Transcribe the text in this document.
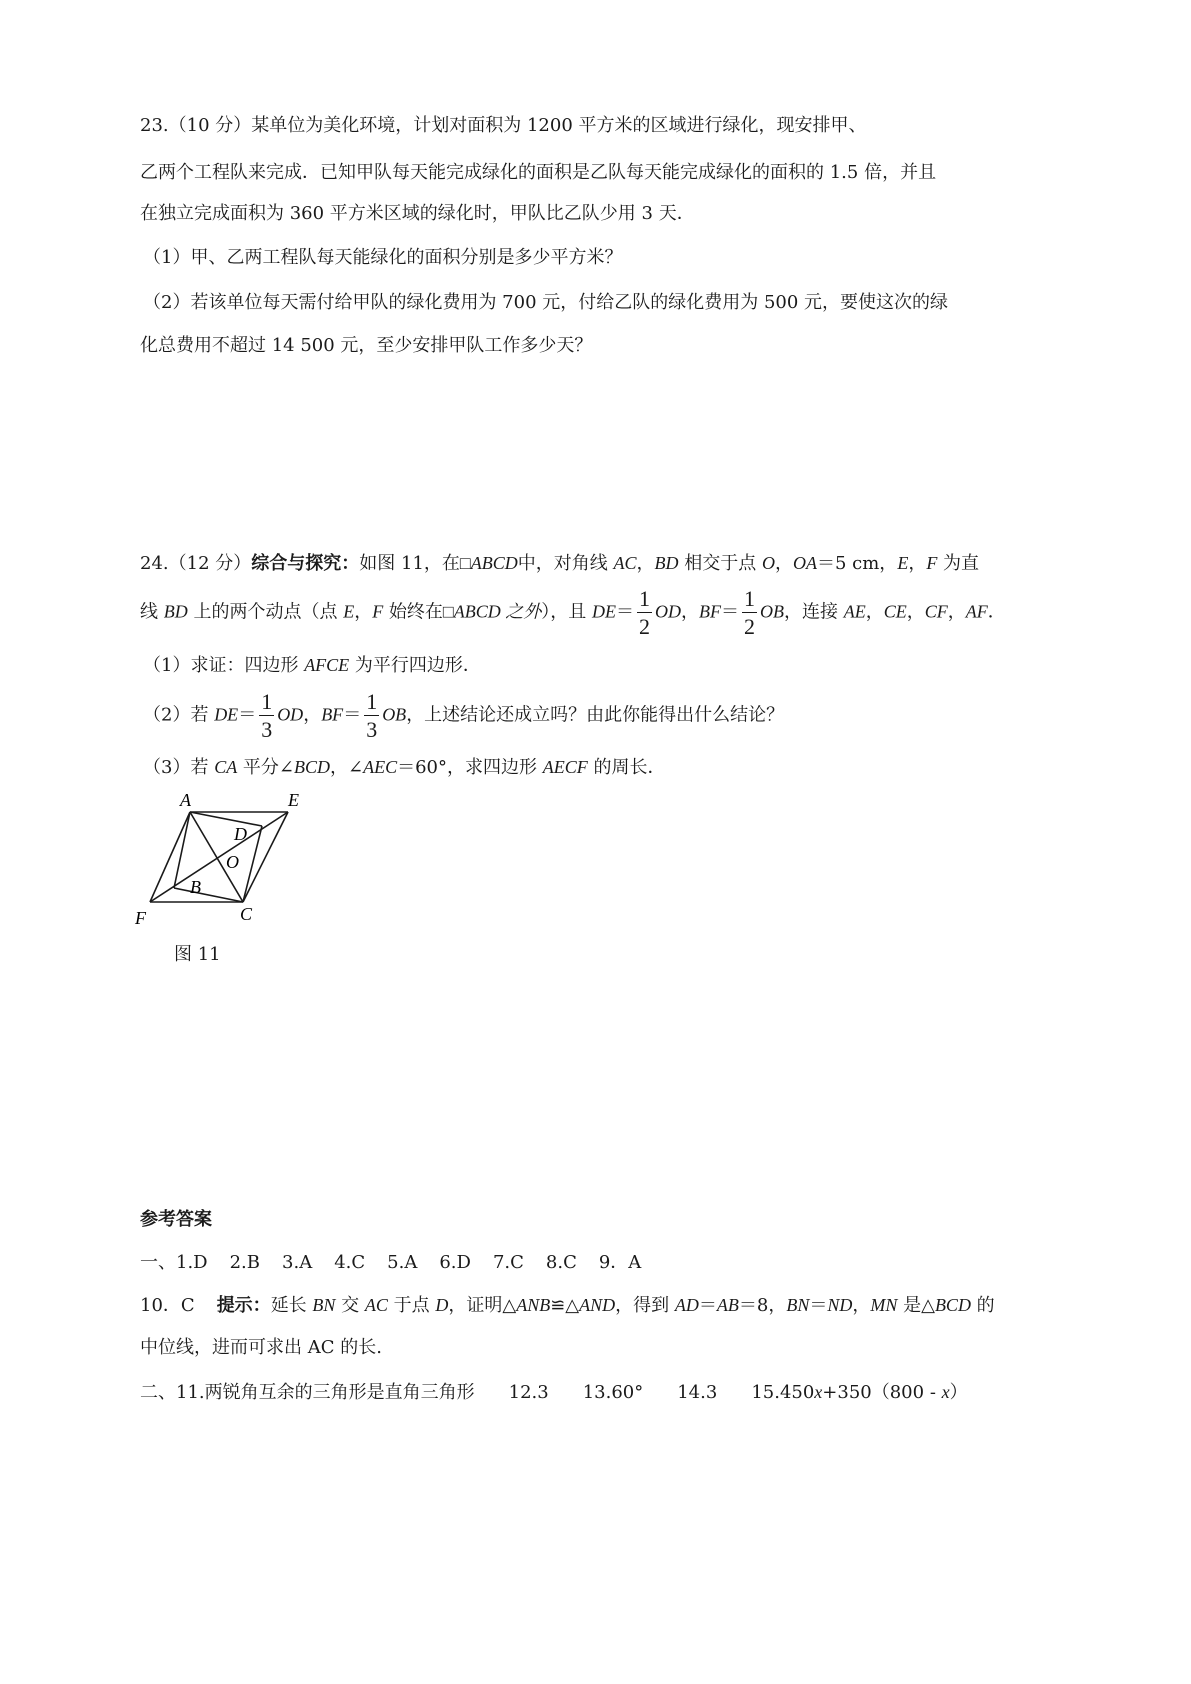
23.（10 分）某单位为美化环境，计划对面积为 1200 平方米的区域进行绿化，现安排甲、
乙两个工程队来完成．已知甲队每天能完成绿化的面积是乙队每天能完成绿化的面积的 1.5 倍，并且
在独立完成面积为 360 平方米区域的绿化时，甲队比乙队少用 3 天．
（1）甲、乙两工程队每天能绿化的面积分别是多少平方米？
（2）若该单位每天需付给甲队的绿化费用为 700 元，付给乙队的绿化费用为 500 元，要使这次的绿
化总费用不超过 14 500 元，至少安排甲队工作多少天？
24.（12 分）综合与探究：如图 11，在□ABCD中，对角线 AC，BD 相交于点 O，OA＝5 cm，E，F 为直
线 BD 上的两个动点（点 E，F 始终在□ABCD 之外），且 $DE= \frac{1}{2}$ OD，$BF= \frac{1}{2}$ OB，连接 AE，CE，CF，AF．
（1）求证：四边形 AFCE 为平行四边形．
（2）若 $DE= \frac{1}{3}$ OD，$BF= \frac{1}{3}$ OB，上述结论还成立吗？由此你能得出什么结论？
（3）若 CA 平分∠BCD，∠AEC＝60°，求四边形 AECF 的周长．
A	E
D
O
B
F	C
图 11
参考答案
一、1.D 2.B 3.A 4.C 5.A 6.D 7.C 8.C 9．A
10．C 提示：延长 BN 交 AC 于点 D，证明△ANB≌△AND，得到 AD＝AB＝8，BN＝ND，MN 是△BCD 的
中位线，进而可求出 AC 的长.
二、11.两锐角互余的三角形是直角三角形 12.3 13.60° 14.3 15.450x+350（800 - x）
